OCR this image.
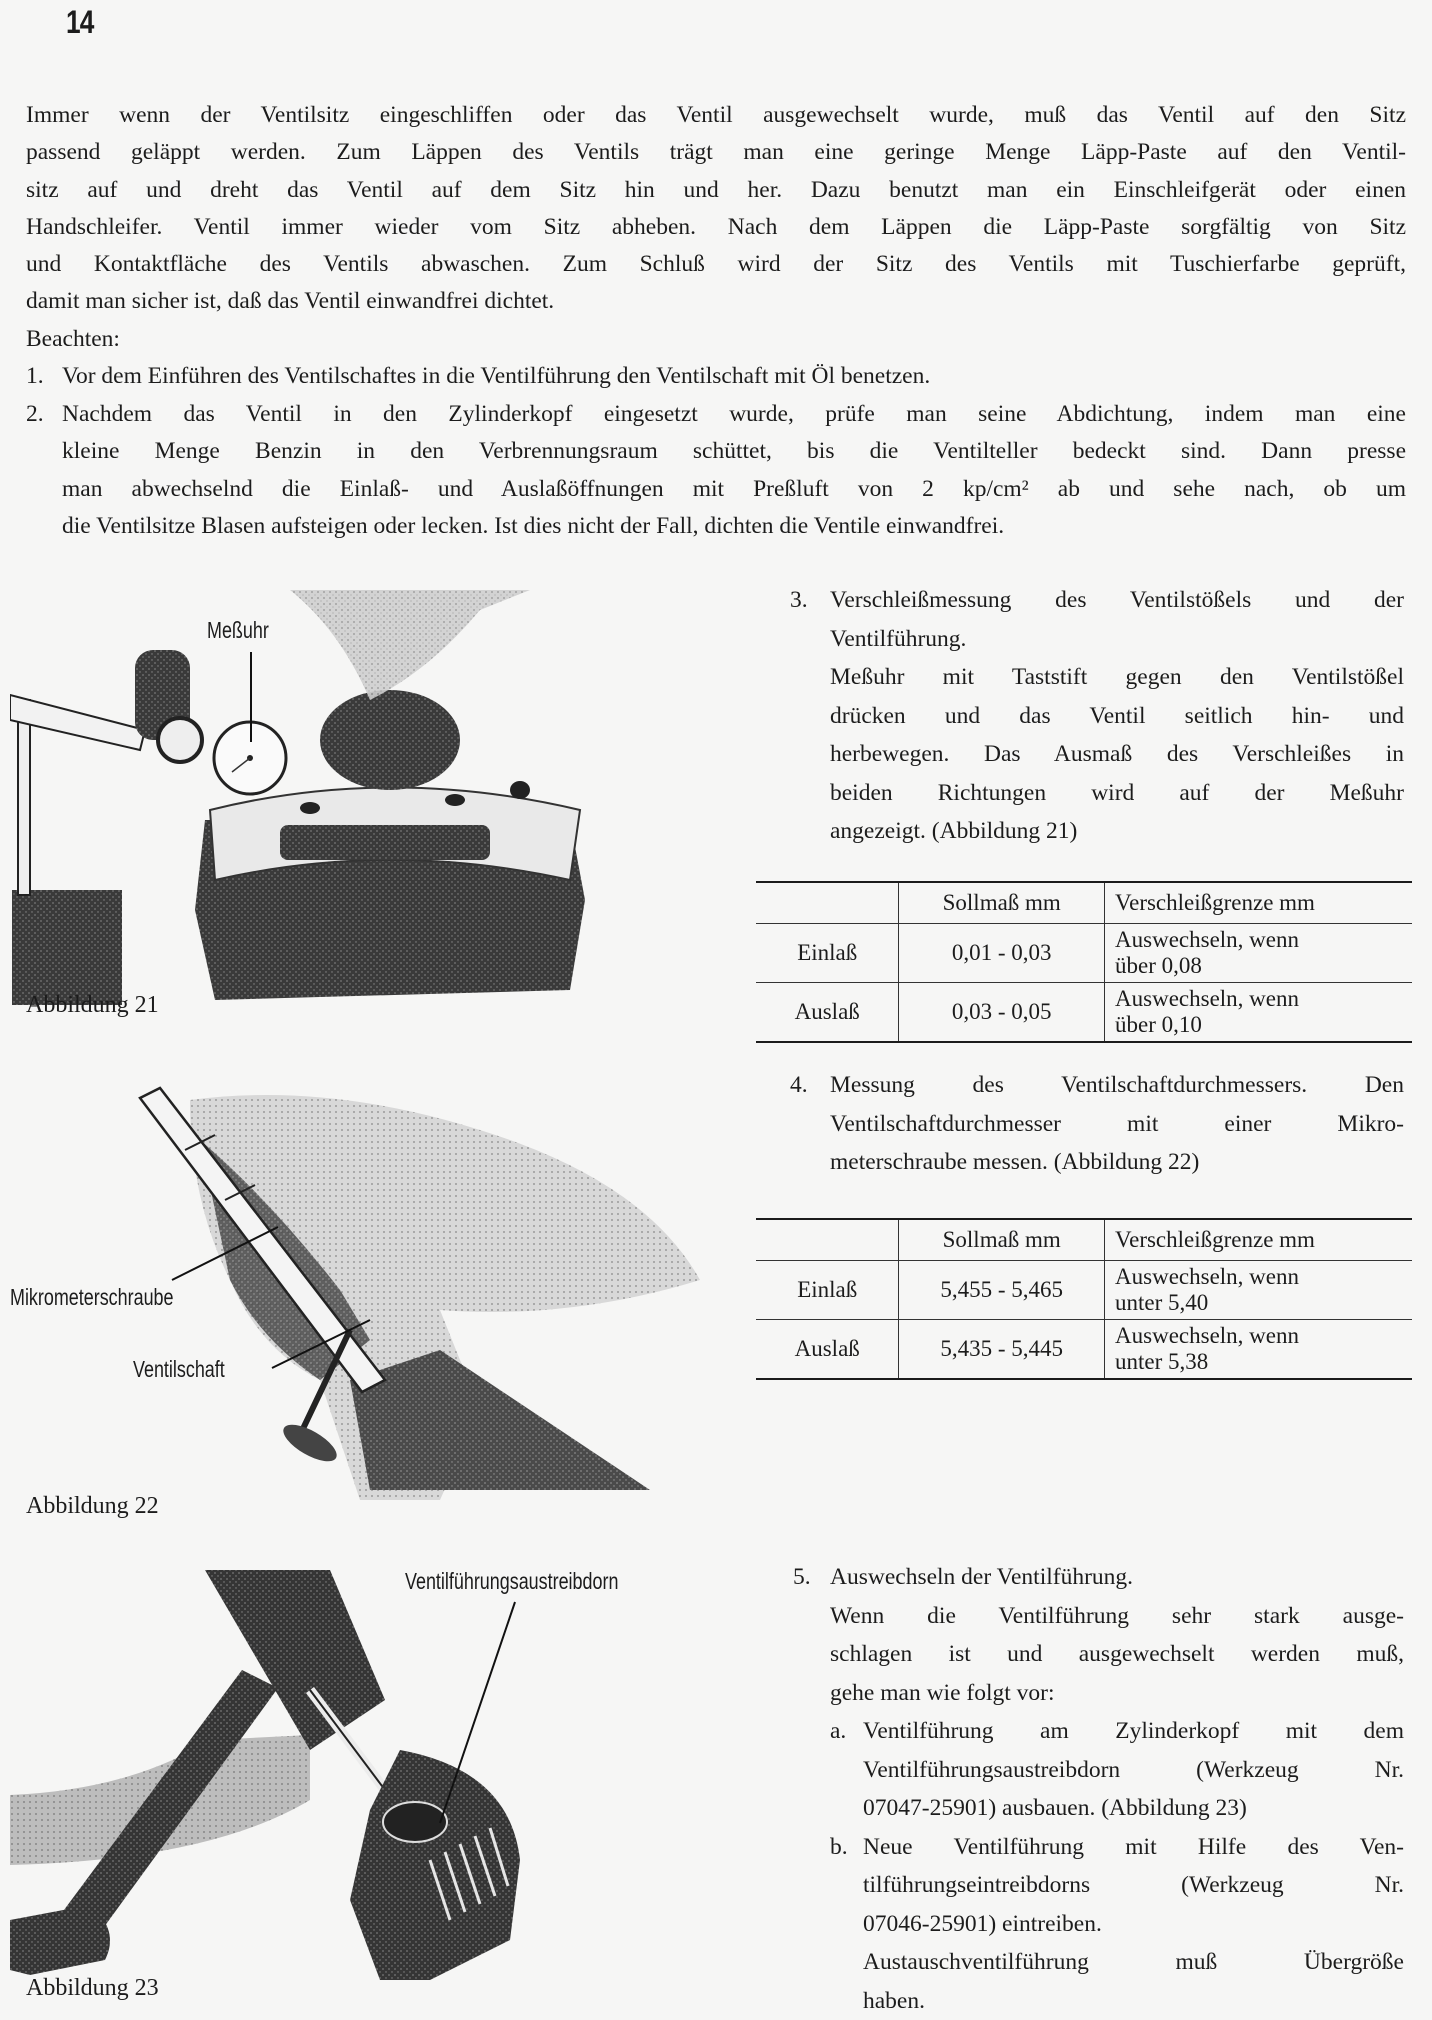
14
Immer wenn der Ventilsitz eingeschliffen oder das Ventil ausgewechselt wurde, muß das Ventil auf den Sitz
passend geläppt werden. Zum Läppen des Ventils trägt man eine geringe Menge Läpp-Paste auf den Ventil-
sitz auf und dreht das Ventil auf dem Sitz hin und her. Dazu benutzt man ein Einschleifgerät oder einen
Handschleifer. Ventil immer wieder vom Sitz abheben. Nach dem Läppen die Läpp-Paste sorgfältig von Sitz
und Kontaktfläche des Ventils abwaschen. Zum Schluß wird der Sitz des Ventils mit Tuschierfarbe geprüft,
damit man sicher ist, daß das Ventil einwandfrei dichtet.
Beachten:
1. Vor dem Einführen des Ventilschaftes in die Ventilführung den Ventilschaft mit Öl benetzen.
2. Nachdem das Ventil in den Zylinderkopf eingesetzt wurde, prüfe man seine Abdichtung, indem man eine
kleine Menge Benzin in den Verbrennungsraum schüttet, bis die Ventilteller bedeckt sind. Dann presse
man abwechselnd die Einlaß- und Auslaßöffnungen mit Preßluft von 2 kp/cm² ab und sehe nach, ob um
die Ventilsitze Blasen aufsteigen oder lecken. Ist dies nicht der Fall, dichten die Ventile einwandfrei.
Meßuhr
Abbildung 21
Mikrometerschraube
Ventilschaft
Abbildung 22
Ventilführungsaustreibdorn
Abbildung 23
3. Verschleißmessung des Ventilstößels und der
Ventilführung.
Meßuhr mit Taststift gegen den Ventilstößel
drücken und das Ventil seitlich hin- und
herbewegen. Das Ausmaß des Verschleißes in
beiden Richtungen wird auf der Meßuhr
angezeigt. (Abbildung 21)
	Sollmaß mm	Verschleißgrenze mm
Einlaß	0,01 - 0,03	Auswechseln, wenn
über 0,08

Auslaß	0,03 - 0,05	Auswechseln, wenn
über 0,10
4. Messung des Ventilschaftdurchmessers. Den
Ventilschaftdurchmesser mit einer Mikro-
meterschraube messen. (Abbildung 22)
	Sollmaß mm	Verschleißgrenze mm
Einlaß	5,455 - 5,465	Auswechseln, wenn
unter 5,40

Auslaß	5,435 - 5,445	Auswechseln, wenn
unter 5,38
5. Auswechseln der Ventilführung.
Wenn die Ventilführung sehr stark ausge-
schlagen ist und ausgewechselt werden muß,
gehe man wie folgt vor:
a. Ventilführung am Zylinderkopf mit dem
Ventilführungsaustreibdorn (Werkzeug Nr.
07047-25901) ausbauen. (Abbildung 23)
b. Neue Ventilführung mit Hilfe des Ven-
tilführungseintreibdorns (Werkzeug Nr.
07046-25901) eintreiben.
Austauschventilführung muß Übergröße
haben.
